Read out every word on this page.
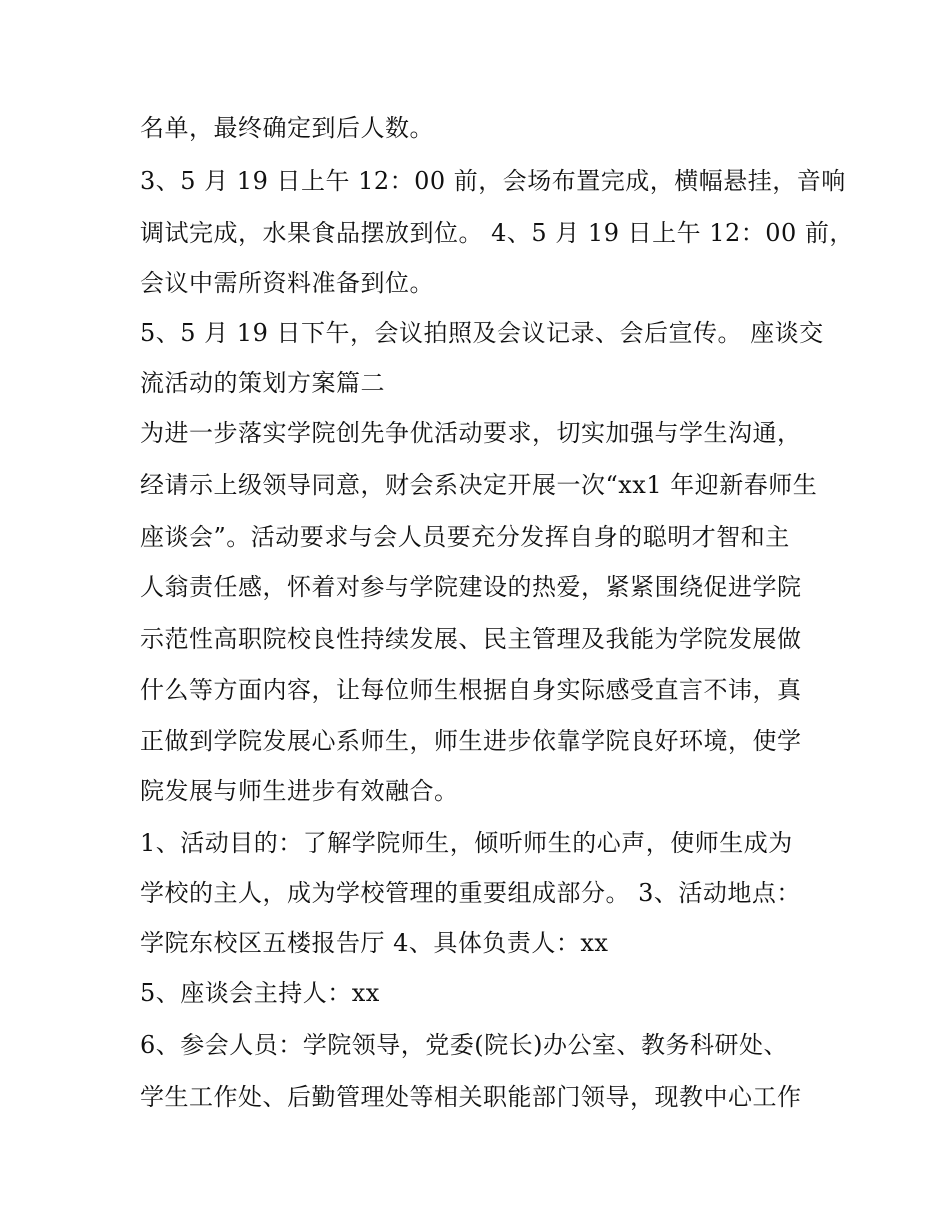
名单，最终确定到后人数。
3、5 月 19 日上午 12：00 前，会场布置完成，横幅悬挂，音响
调试完成，水果食品摆放到位。 4、5 月 19 日上午 12：00 前，
会议中需所资料准备到位。
5、5 月 19 日下午，会议拍照及会议记录、会后宣传。 座谈交
流活动的策划方案篇二
为进一步落实学院创先争优活动要求，切实加强与学生沟通，
经请示上级领导同意，财会系决定开展一次“xx1 年迎新春师生
座谈会”。活动要求与会人员要充分发挥自身的聪明才智和主
人翁责任感，怀着对参与学院建设的热爱，紧紧围绕促进学院
示范性高职院校良性持续发展、民主管理及我能为学院发展做
什么等方面内容，让每位师生根据自身实际感受直言不讳，真
正做到学院发展心系师生，师生进步依靠学院良好环境，使学
院发展与师生进步有效融合。
1、活动目的：了解学院师生，倾听师生的心声，使师生成为
学校的主人，成为学校管理的重要组成部分。 3、活动地点：
学院东校区五楼报告厅 4、具体负责人：xx
5、座谈会主持人：xx
6、参会人员：学院领导，党委(院长)办公室、教务科研处、
学生工作处、后勤管理处等相关职能部门领导，现教中心工作
